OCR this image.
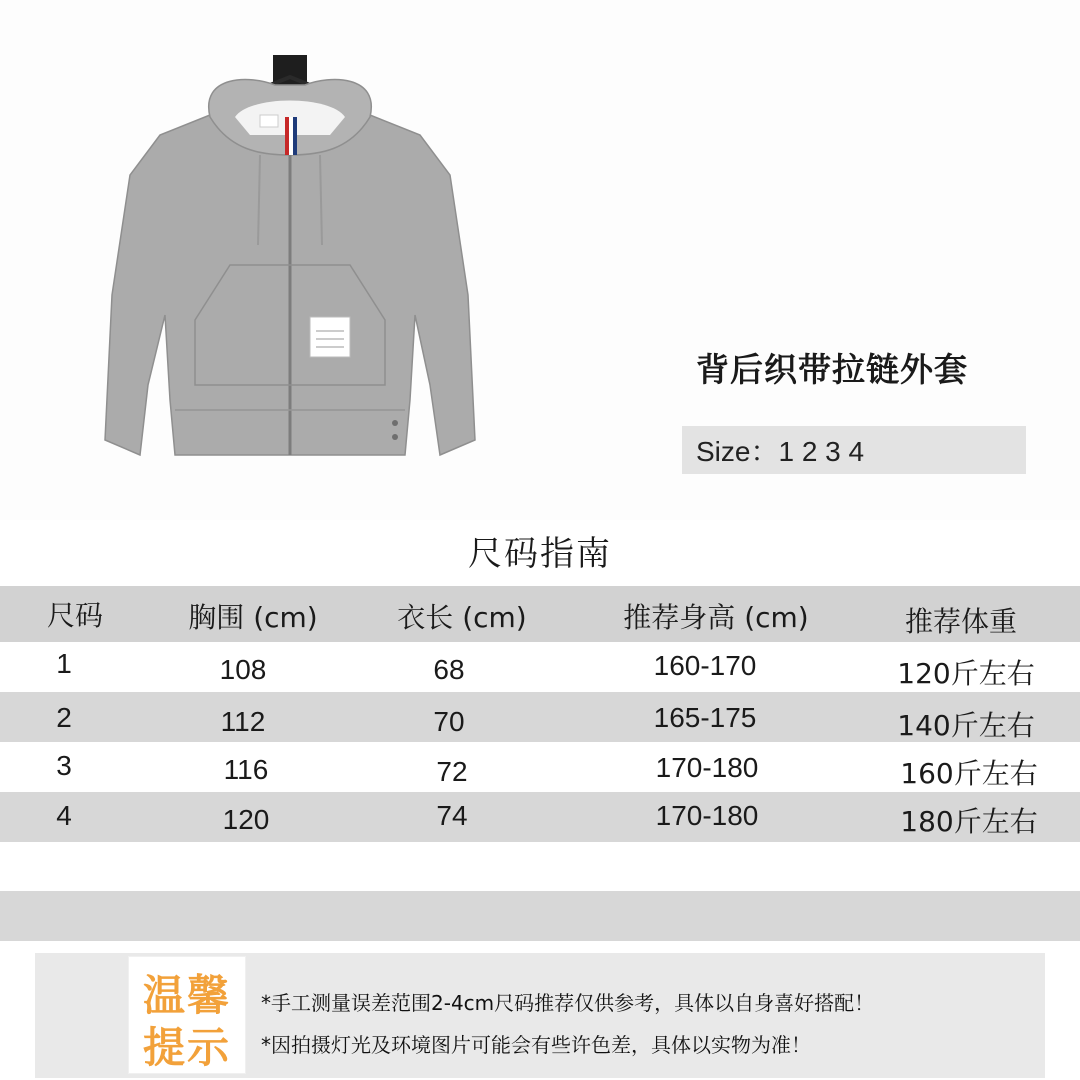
背后织带拉链外套
Size：1 2 3 4
尺码指南
尺码	胸围 (cm)	衣长 (cm)	推荐身高 (cm)	推荐体重
1	108	68	160-170	120斤左右
2	112	70	165-175	140斤左右
3	116	72	170-180	160斤左右
4	120	74	170-180	180斤左右
温馨
提示
*手工测量误差范围2-4cm尺码推荐仅供参考，具体以自身喜好搭配！
*因拍摄灯光及环境图片可能会有些许色差，具体以实物为准！
